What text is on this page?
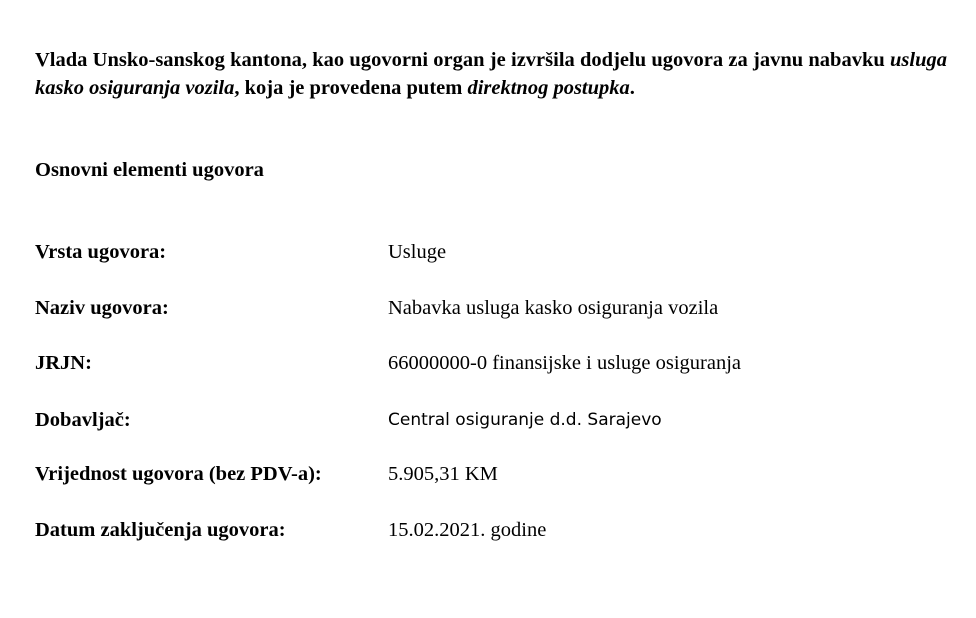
Vlada Unsko-sanskog kantona, kao ugovorni organ je izvršila dodjelu ugovora za javnu nabavku usluga kasko osiguranja vozila, koja je provedena putem direktnog postupka.

Osnovni elementi ugovora

Vrsta ugovora:	Usluge
Naziv ugovora:	Nabavka usluga kasko osiguranja vozila
JRJN:	66000000-0 finansijske i usluge osiguranja
Dobavljač:	Central osiguranje d.d. Sarajevo
Vrijednost ugovora (bez PDV-a):	5.905,31 KM
Datum zaključenja ugovora:	15.02.2021. godine
